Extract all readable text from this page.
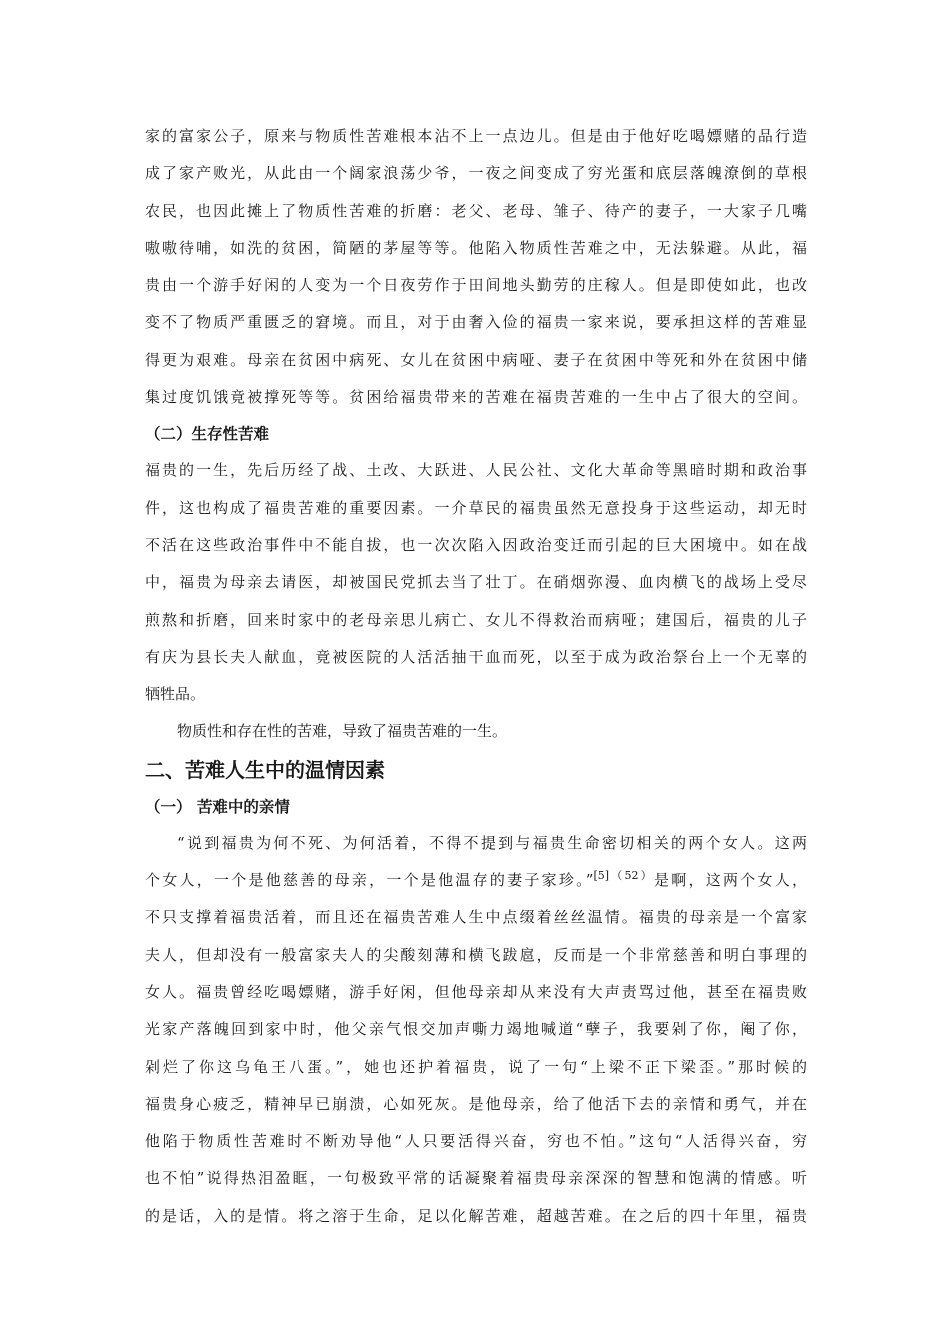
家的富家公子，原来与物质性苦难根本沾不上一点边儿。但是由于他好吃喝嫖赌的品行造
成了家产败光，从此由一个阔家浪荡少爷，一夜之间变成了穷光蛋和底层落魄潦倒的草根
农民，也因此摊上了物质性苦难的折磨：老父、老母、雏子、待产的妻子，一大家子几嘴
嗷嗷待哺，如洗的贫困，简陋的茅屋等等。他陷入物质性苦难之中，无法躲避。从此，福
贵由一个游手好闲的人变为一个日夜劳作于田间地头勤劳的庄稼人。但是即使如此，也改
变不了物质严重匮乏的窘境。而且，对于由奢入俭的福贵一家来说，要承担这样的苦难显
得更为艰难。母亲在贫困中病死、女儿在贫困中病哑、妻子在贫困中等死和外在贫困中储
集过度饥饿竟被撑死等等。贫困给福贵带来的苦难在福贵苦难的一生中占了很大的空间。
（二）生存性苦难
福贵的一生，先后历经了战、土改、大跃进、人民公社、文化大革命等黑暗时期和政治事
件，这也构成了福贵苦难的重要因素。一介草民的福贵虽然无意投身于这些运动，却无时
不活在这些政治事件中不能自拔，也一次次陷入因政治变迁而引起的巨大困境中。如在战
中，福贵为母亲去请医，却被国民党抓去当了壮丁。在硝烟弥漫、血肉横飞的战场上受尽
煎熬和折磨，回来时家中的老母亲思儿病亡、女儿不得救治而病哑；建国后，福贵的儿子
有庆为县长夫人献血，竟被医院的人活活抽干血而死，以至于成为政治祭台上一个无辜的
牺牲品。
物质性和存在性的苦难，导致了福贵苦难的一生。
二、苦难人生中的温情因素
（一） 苦难中的亲情
“说到福贵为何不死、为何活着，不得不提到与福贵生命密切相关的两个女人。这两
个女人，一个是他慈善的母亲，一个是他温存的妻子家珍。”$^{[5](52)}$是啊，这两个女人，
不只支撑着福贵活着，而且还在福贵苦难人生中点缀着丝丝温情。福贵的母亲是一个富家
夫人，但却没有一般富家夫人的尖酸刻薄和横飞跋扈，反而是一个非常慈善和明白事理的
女人。福贵曾经吃喝嫖赌，游手好闲，但他母亲却从来没有大声责骂过他，甚至在福贵败
光家产落魄回到家中时，他父亲气恨交加声嘶力竭地喊道“孽子，我要剁了你，阉了你，
剁烂了你这乌龟王八蛋。”，她也还护着福贵，说了一句“上梁不正下梁歪。”那时候的
福贵身心疲乏，精神早已崩溃，心如死灰。是他母亲，给了他活下去的亲情和勇气，并在
他陷于物质性苦难时不断劝导他“人只要活得兴奋，穷也不怕。”这句“人活得兴奋，穷
也不怕”说得热泪盈眶，一句极致平常的话凝聚着福贵母亲深深的智慧和饱满的情感。听
的是话，入的是情。将之溶于生命，足以化解苦难，超越苦难。在之后的四十年里，福贵
